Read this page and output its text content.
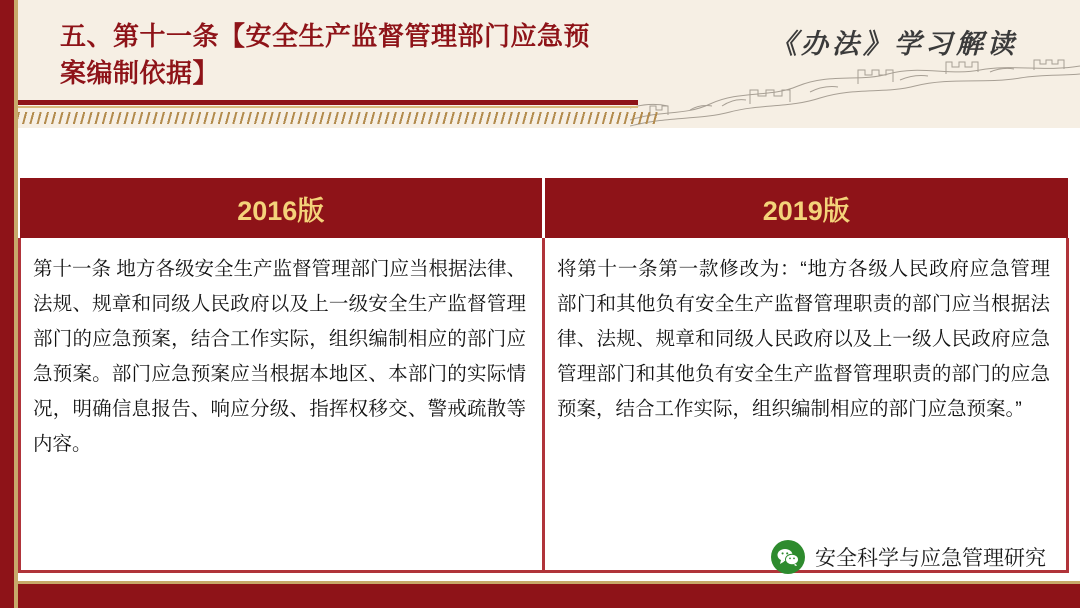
五、第十一条【安全生产监督管理部门应急预
案编制依据】
《办法》学习解读
2016版	2019版

第十一条 地方各级安全生产监督管理部门应当根据法律、法规、规章和同级人民政府以及上一级安全生产监督管理部门的应急预案，结合工作实际，组织编制相应的部门应急预案。部门应急预案应当根据本地区、本部门的实际情况，明确信息报告、响应分级、指挥权移交、警戒疏散等内容。	将第十一条第一款修改为：“地方各级人民政府应急管理部门和其他负有安全生产监督管理职责的部门应当根据法律、法规、规章和同级人民政府以及上一级人民政府应急管理部门和其他负有安全生产监督管理职责的部门的应急预案，结合工作实际，组织编制相应的部门应急预案。”

安全科学与应急管理研究
